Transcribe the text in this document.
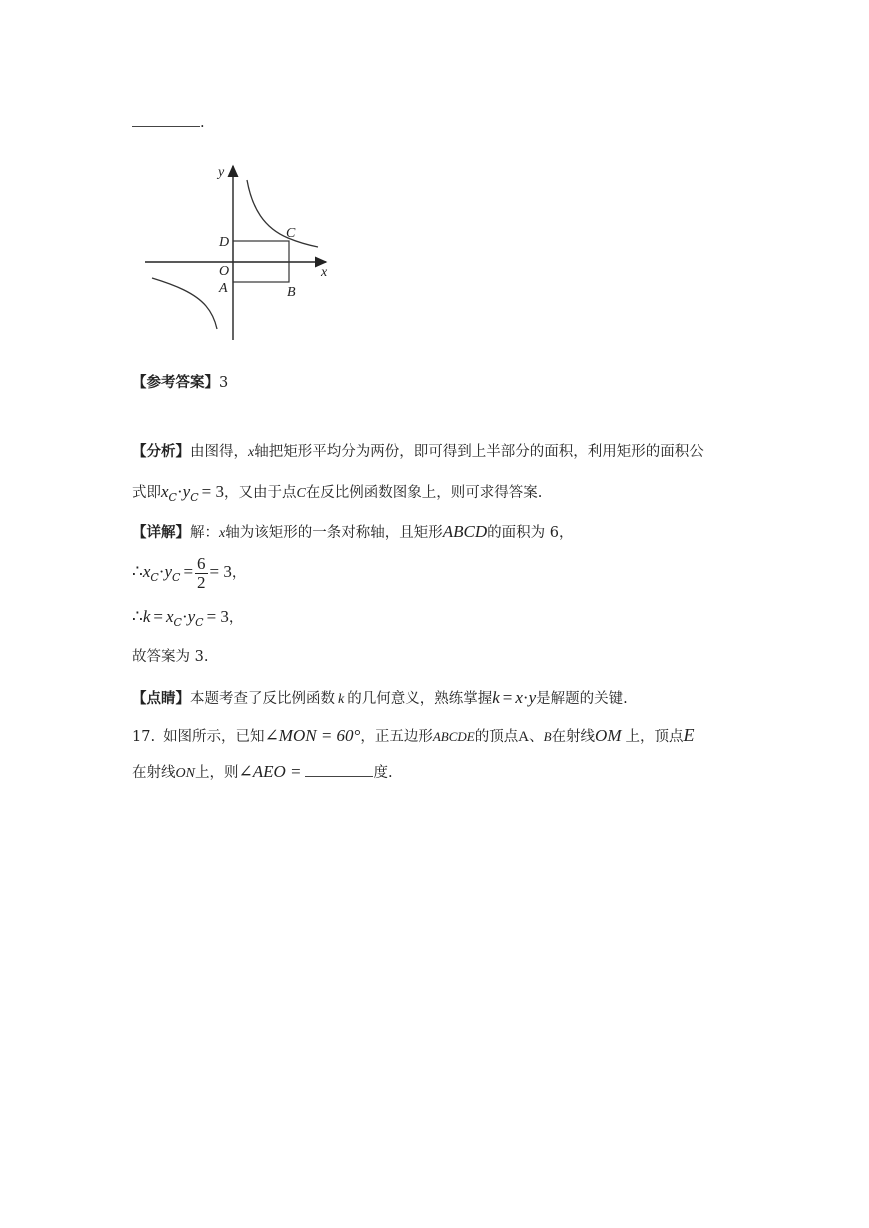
.
y
x
D
C
O
A	B
【参考答案】3
【分析】由图得，x轴把矩形平均分为两份，即可得到上半部分的面积，利用矩形的面积公
式即$x_C\cdot y_C = 3$，又由于点C在反比例函数图象上，则可求得答案.
【详解】解：x轴为该矩形的一条对称轴，且矩形ABCD的面积为 6，
$\therefore x_C\cdot y_C = \frac{6}{2} = 3$，
∴k = $x_C\cdot y_C = 3$，
故答案为 3.
【点睛】本题考查了反比例函数 k 的几何意义，熟练掌握k = x·y是解题的关键.
17. 如图所示，已知∠MON = 60°，正五边形ABCDE的顶点A、B在射线OM 上，顶点E
在射线ON上，则∠AEO =	度.
